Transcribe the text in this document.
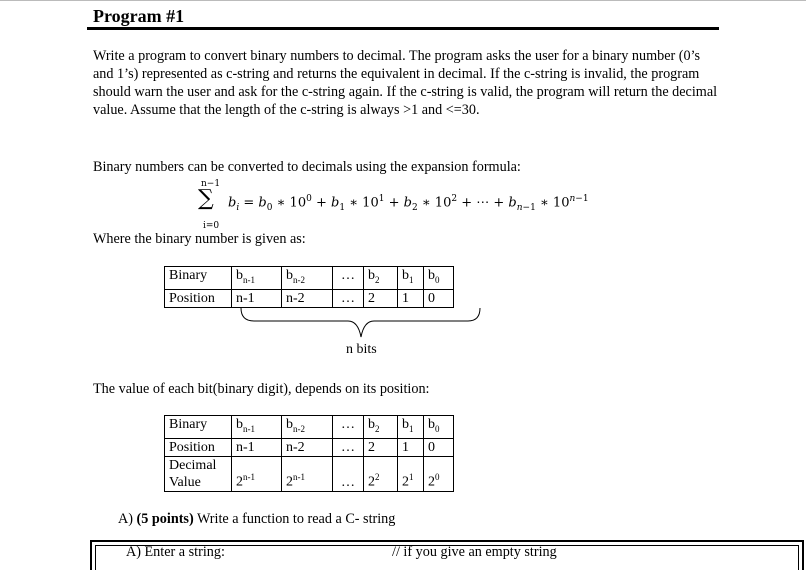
Program #1
Write a program to convert binary numbers to decimal. The program asks the user for a binary number (0’s and 1’s) represented as c-string and returns the equivalent in decimal. If the c-string is invalid, the program should warn the user and ask for the c-string again. If the c-string is valid, the program will return the decimal value. Assume that the length of the c-string is always >1 and <=30.
Binary numbers can be converted to decimals using the expansion formula:
n−1
∑
i=0
$b_i = b_0$ ∗ $10^0 + b_1$ ∗ $10^1 + b_2$ ∗ $10^2$ + ⋯ + $b_{n-1}$ ∗ $10^{n-1}$
Where the binary number is given as:
Binary	$b_{n-1}$	$b_{n-2}$	…	$b_2$	$b_1$	$b_0$
Position	n-1	n-2	…	2	1	0
n bits
The value of each bit(binary digit), depends on its position:
Binary	$b_{n-1}$	$b_{n-2}$	…	$b_2$	$b_1$	$b_0$
Position	n-1	n-2	…	2	1	0
Decimal
Value	2$^{n-1}$	2$^{n-1}$	…	$2^2$	$2^1$	$2^0$
A) (5 points) Write a function to read a C- string
A) Enter a string:	// if you give an empty string
